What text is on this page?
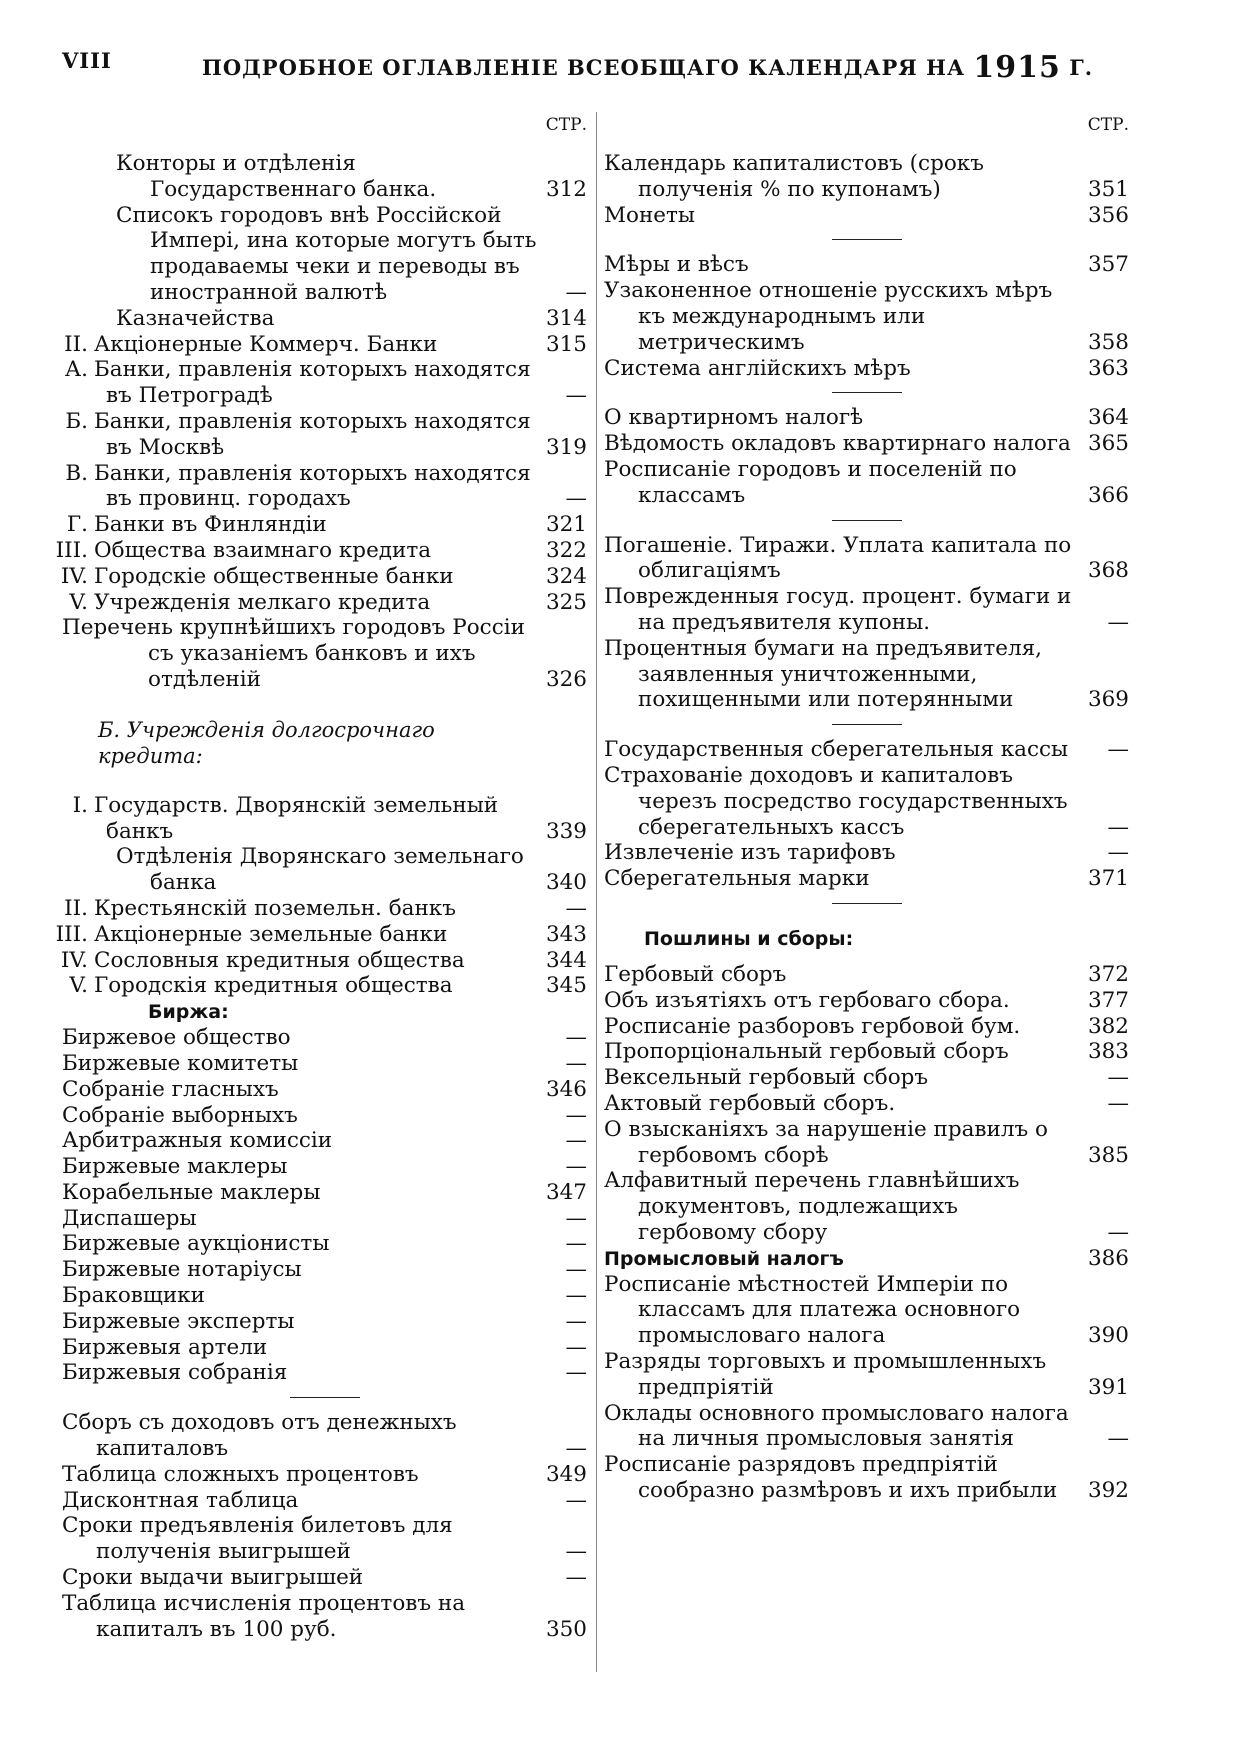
VIII	ПОДРОБНОЕ ОГЛАВЛЕНІЕ ВСЕОБЩАГО КАЛЕНДАРЯ НА 1915 Г.
СТР.
Конторы и отдѣленія Государственнаго банка.	312
Списокъ городовъ внѣ Россійской Импері, ина которые могутъ быть продаваемы чеки и переводы въ иностранной валютѣ	—
Казначейства	314
II. Акціонерные Коммерч. Банки	315
А. Банки, правленія которыхъ находятся въ Петроградѣ	—
Б. Банки, правленія которыхъ находятся въ Москвѣ	319
В. Банки, правленія которыхъ находятся въ провинц. городахъ	—
Г. Банки въ Финляндіи	321
III. Общества взаимнаго кредита	322
IV. Городскіе общественные банки	324
V. Учрежденія мелкаго кредита	325
Перечень крупнѣйшихъ городовъ Россіи съ указаніемъ банковъ и ихъ отдѣленій	326
Б. Учрежденія долгосрочнаго кредита:
I. Государств. Дворянскій земельный банкъ	339
Отдѣленія Дворянскаго земельнаго банка	340
II. Крестьянскій поземельн. банкъ	—
III. Акціонерные земельные банки	343
IV. Сословныя кредитныя общества	344
V. Городскія кредитныя общества	345
Биржа:
Биржевое общество	—
Биржевые комитеты	—
Собраніе гласныхъ	346
Собраніе выборныхъ	—
Арбитражныя комиссіи	—
Биржевые маклеры	—
Корабельные маклеры	347
Диспашеры	—
Биржевые аукціонисты	—
Биржевые нотаріусы	—
Браковщики	—
Биржевые эксперты	—
Биржевыя артели	—
Биржевыя собранія	—
Сборъ съ доходовъ отъ денежныхъ капиталовъ	—
Таблица сложныхъ процентовъ	349
Дисконтная таблица	—
Сроки предъявленія билетовъ для полученія выигрышей	—
Сроки выдачи выигрышей	—
Таблица исчисленія процентовъ на капиталъ въ 100 руб.	350
СТР.
Календарь капиталистовъ (срокъ полученія % по купонамъ)	351
Монеты	356
Мѣры и вѣсъ	357
Узаконенное отношеніе русскихъ мѣръ къ международнымъ или метрическимъ	358
Система англійскихъ мѣръ	363
О квартирномъ налогѣ	364
Вѣдомость окладовъ квартирнаго налога 365
Росписаніе городовъ и поселеній по классамъ	366
Погашеніе. Тиражи. Уплата капитала по облигаціямъ	368
Поврежденныя госуд. процент. бумаги и на предъявителя купоны.	—
Процентныя бумаги на предъявителя, заявленныя уничтоженными, похищенными или потерянными	369
Государственныя сберегательныя кассы	—
Страхованіе доходовъ и капиталовъ черезъ посредство государственныхъ сберегательныхъ кассъ	—
Извлеченіе изъ тарифовъ	—
Сберегательныя марки	371
Пошлины и сборы:
Гербовый сборъ	372
Объ изъятіяхъ отъ гербоваго сбора.	377
Росписаніе разборовъ гербовой бум.	382
Пропорціональный гербовый сборъ	383
Вексельный гербовый сборъ	—
Актовый гербовый сборъ.	—
О взысканіяхъ за нарушеніе правилъ о гербовомъ сборѣ	385
Алфавитный перечень главнѣйшихъ документовъ, подлежащихъ гербовому сбору	—
Промысловый налогъ	386
Росписаніе мѣстностей Имперіи по классамъ для платежа основного промысловаго налога	390
Разряды торговыхъ и промышленныхъ предпріятій	391
Оклады основного промысловаго налога на личныя промысловыя занятія	—
Росписаніе разрядовъ предпріятій сообразно размѣровъ и ихъ прибыли	392
